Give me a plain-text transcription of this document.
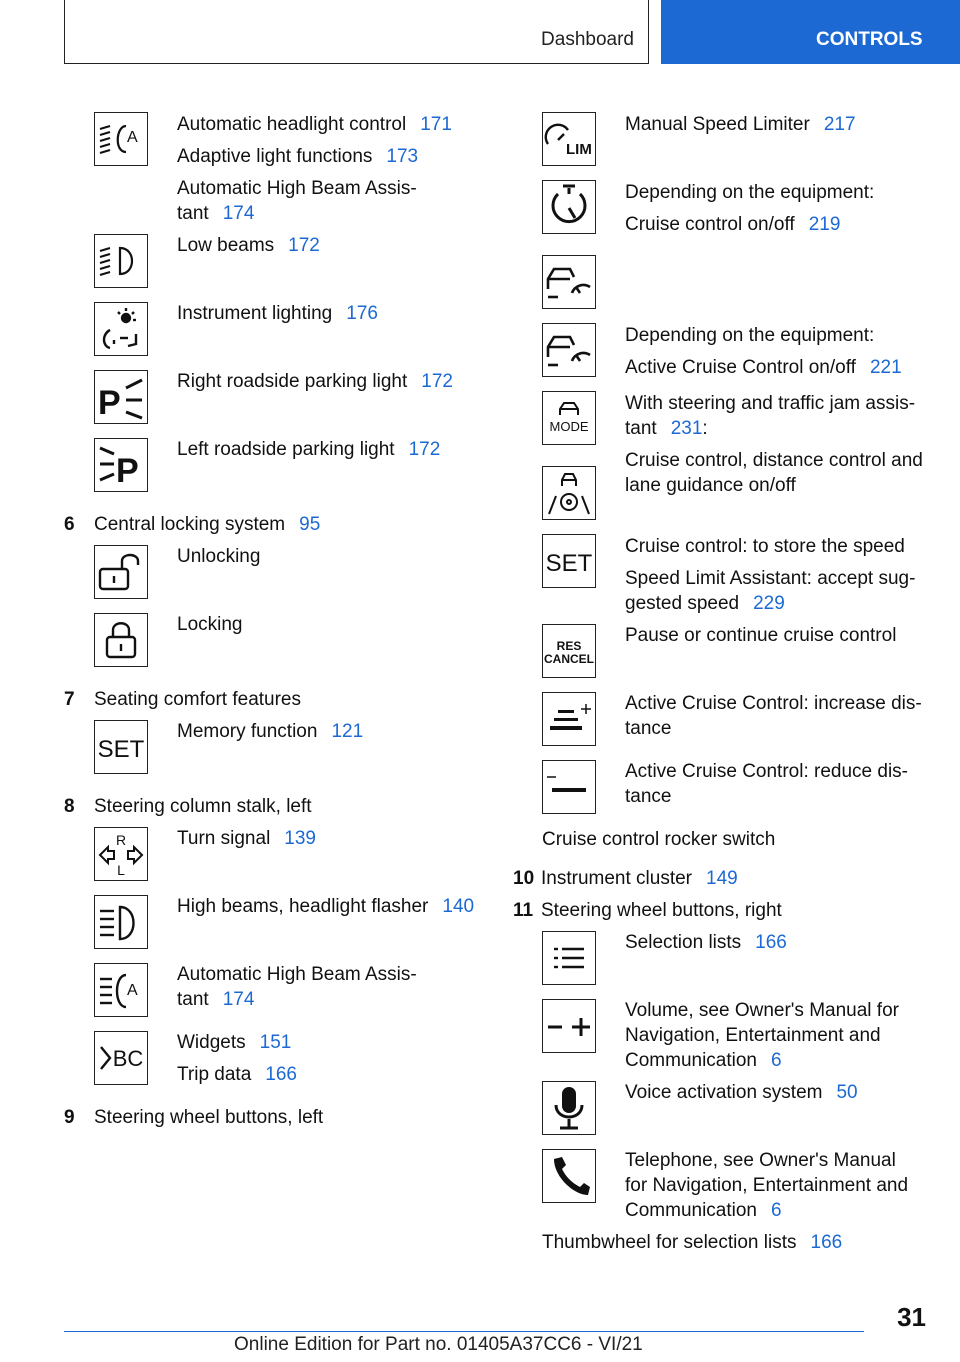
Dashboard	CONTROLS
A
Automatic headlight control 171
Adaptive light functions 173
Automatic High Beam Assis-
tant 174
Low beams 172
Instrument lighting 176
P
Right roadside parking light 172
P
Left roadside parking light 172
6 Central locking system 95
Unlocking
Locking
7 Seating comfort features
SET
Memory function 121
8 Steering column stalk, left
R
L
Turn signal 139
High beams, headlight flasher 140
A
Automatic High Beam Assis-
tant 174
BC
Widgets 151
Trip data 166
9 Steering wheel buttons, left
LIM
Manual Speed Limiter 217
Depending on the equipment:
Cruise control on/off 219
Depending on the equipment:
Active Cruise Control on/off 221
MODE
With steering and traffic jam assis-
tant 231:
Cruise control, distance control and
lane guidance on/off
SET
Cruise control: to store the speed
Speed Limit Assistant: accept sug-
gested speed 229
RES
CANCEL
Pause or continue cruise control
Active Cruise Control: increase dis-
tance
Active Cruise Control: reduce dis-
tance
Cruise control rocker switch
10 Instrument cluster 149
11 Steering wheel buttons, right
Selection lists 166
Volume, see Owner's Manual for
Navigation, Entertainment and
Communication 6
Voice activation system 50
Telephone, see Owner's Manual
for Navigation, Entertainment and
Communication 6
Thumbwheel for selection lists 166
31
Online Edition for Part no. 01405A37CC6 - VI/21
